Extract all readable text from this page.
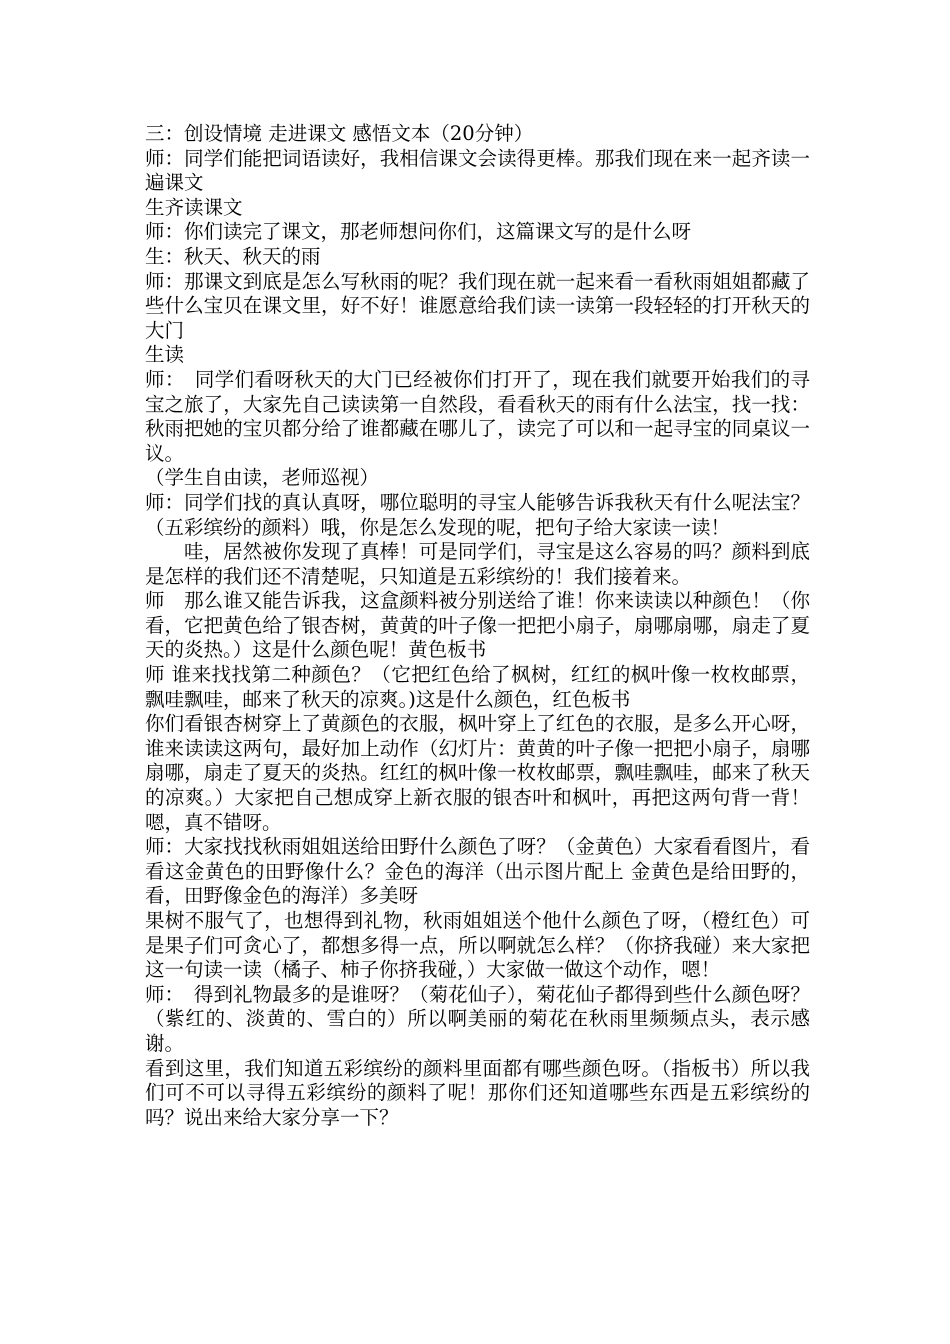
三：创设情境 走进课文 感悟文本（20分钟）

师：同学们能把词语读好，我相信课文会读得更棒。那我们现在来一起齐读一遍课文

生齐读课文

师：你们读完了课文，那老师想问你们，这篇课文写的是什么呀

生：秋天、秋天的雨

师：那课文到底是怎么写秋雨的呢？我们现在就一起来看一看秋雨姐姐都藏了些什么宝贝在课文里，好不好！谁愿意给我们读一读第一段轻轻的打开秋天的大门

生读

师：　同学们看呀秋天的大门已经被你们打开了，现在我们就要开始我们的寻宝之旅了，大家先自己读读第一自然段，看看秋天的雨有什么法宝，找一找：秋雨把她的宝贝都分给了谁都藏在哪儿了，读完了可以和一起寻宝的同桌议一议。

（学生自由读，老师巡视）

师：同学们找的真认真呀，哪位聪明的寻宝人能够告诉我秋天有什么呢法宝？（五彩缤纷的颜料）哦，你是怎么发现的呢，把句子给大家读一读！

哇，居然被你发现了真棒！可是同学们，寻宝是这么容易的吗？颜料到底是怎样的我们还不清楚呢，只知道是五彩缤纷的！我们接着来。

师　那么谁又能告诉我，这盒颜料被分别送给了谁！你来读读以种颜色！（你看，它把黄色给了银杏树，黄黄的叶子像一把把小扇子，扇哪扇哪，扇走了夏天的炎热。）这是什么颜色呢！黄色板书

师 谁来找找第二种颜色？（它把红色给了枫树，红红的枫叶像一枚枚邮票，飘哇飘哇，邮来了秋天的凉爽。)这是什么颜色，红色板书

你们看银杏树穿上了黄颜色的衣服，枫叶穿上了红色的衣服，是多么开心呀，谁来读读这两句，最好加上动作（幻灯片：黄黄的叶子像一把把小扇子，扇哪扇哪，扇走了夏天的炎热。红红的枫叶像一枚枚邮票，飘哇飘哇，邮来了秋天的凉爽。）大家把自己想成穿上新衣服的银杏叶和枫叶，再把这两句背一背！嗯，真不错呀。

师：大家找找秋雨姐姐送给田野什么颜色了呀？（金黄色）大家看看图片，看看这金黄色的田野像什么？金色的海洋（出示图片配上 金黄色是给田野的，看，田野像金色的海洋）多美呀

果树不服气了，也想得到礼物，秋雨姐姐送个他什么颜色了呀，（橙红色）可是果子们可贪心了，都想多得一点，所以啊就怎么样？（你挤我碰）来大家把这一句读一读（橘子、柿子你挤我碰，）大家做一做这个动作，嗯！

师：　得到礼物最多的是谁呀？（菊花仙子），菊花仙子都得到些什么颜色呀？（紫红的、淡黄的、雪白的）所以啊美丽的菊花在秋雨里频频点头，表示感谢。

看到这里，我们知道五彩缤纷的颜料里面都有哪些颜色呀。（指板书）所以我们可不可以寻得五彩缤纷的颜料了呢！那你们还知道哪些东西是五彩缤纷的吗？说出来给大家分享一下？
